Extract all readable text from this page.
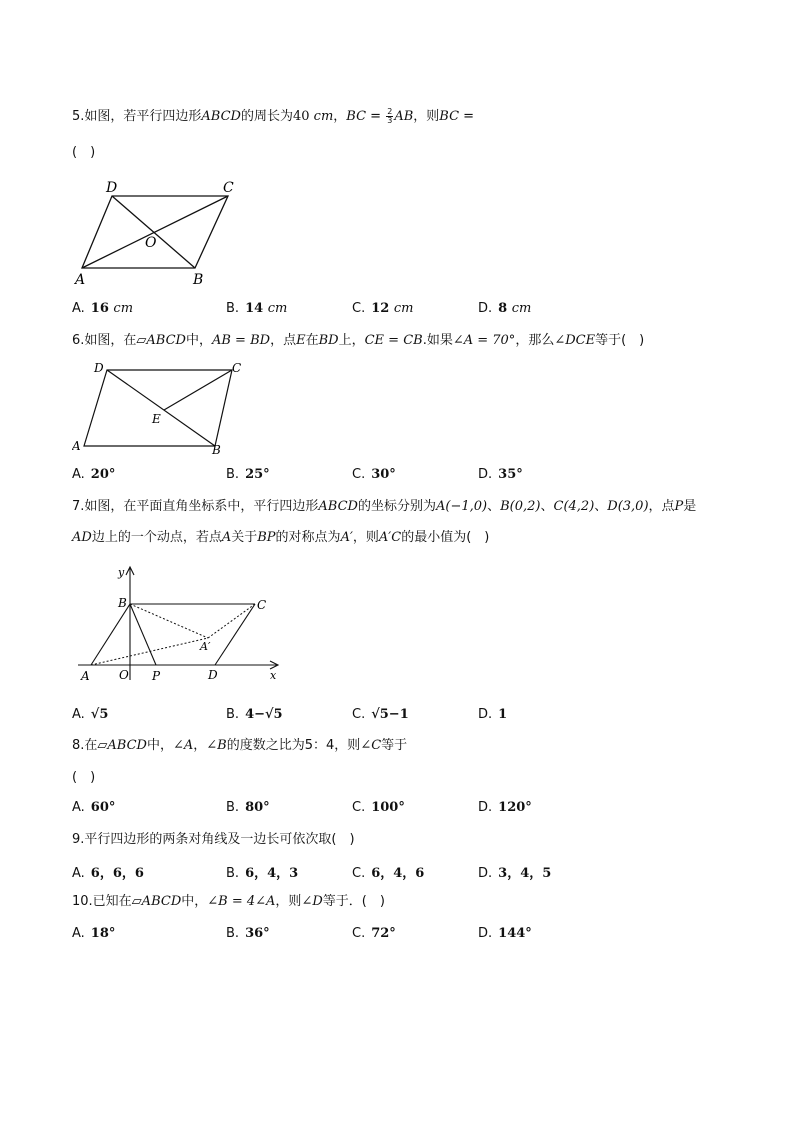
5.如图，若平行四边形ABCD的周长为40 cm，BC = $\frac{2}{3}$ AB，则BC =
(　)
D	C
O
A	B
A. 16 cm	B. 14 cm	C. 12 cm	D. 8 cm
6.如图，在▱ABCD中，AB = BD，点E在BD上，CE = CB.如果∠A = 70°，那么∠DCE等于(　)
D	C
E
A	B
A. 20°	B. 25°	C. 30°	D. 35°
7.如图，在平面直角坐标系中，平行四边形ABCD的坐标分别为A(−1,0)、B(0,2)、C(4,2)、D(3,0)，点P是
AD边上的一个动点，若点A关于BP的对称点为A′，则A′C的最小值为(　)
y
x
B	C
A′
A O P	D
A. √5	B. 4−√5	C. √5−1	D. 1
8.在▱ABCD中，∠A，∠B的度数之比为5：4，则∠C等于
(　)
A. 60°	B. 80°	C. 100°	D. 120°
9.平行四边形的两条对角线及一边长可依次取(　)
A. 6，6，6	B. 6，4，3	C. 6，4，6	D. 3，4，5
10.已知在▱ABCD中，∠B = 4∠A，则∠D等于．(　)
A. 18°	B. 36°	C. 72°	D. 144°
